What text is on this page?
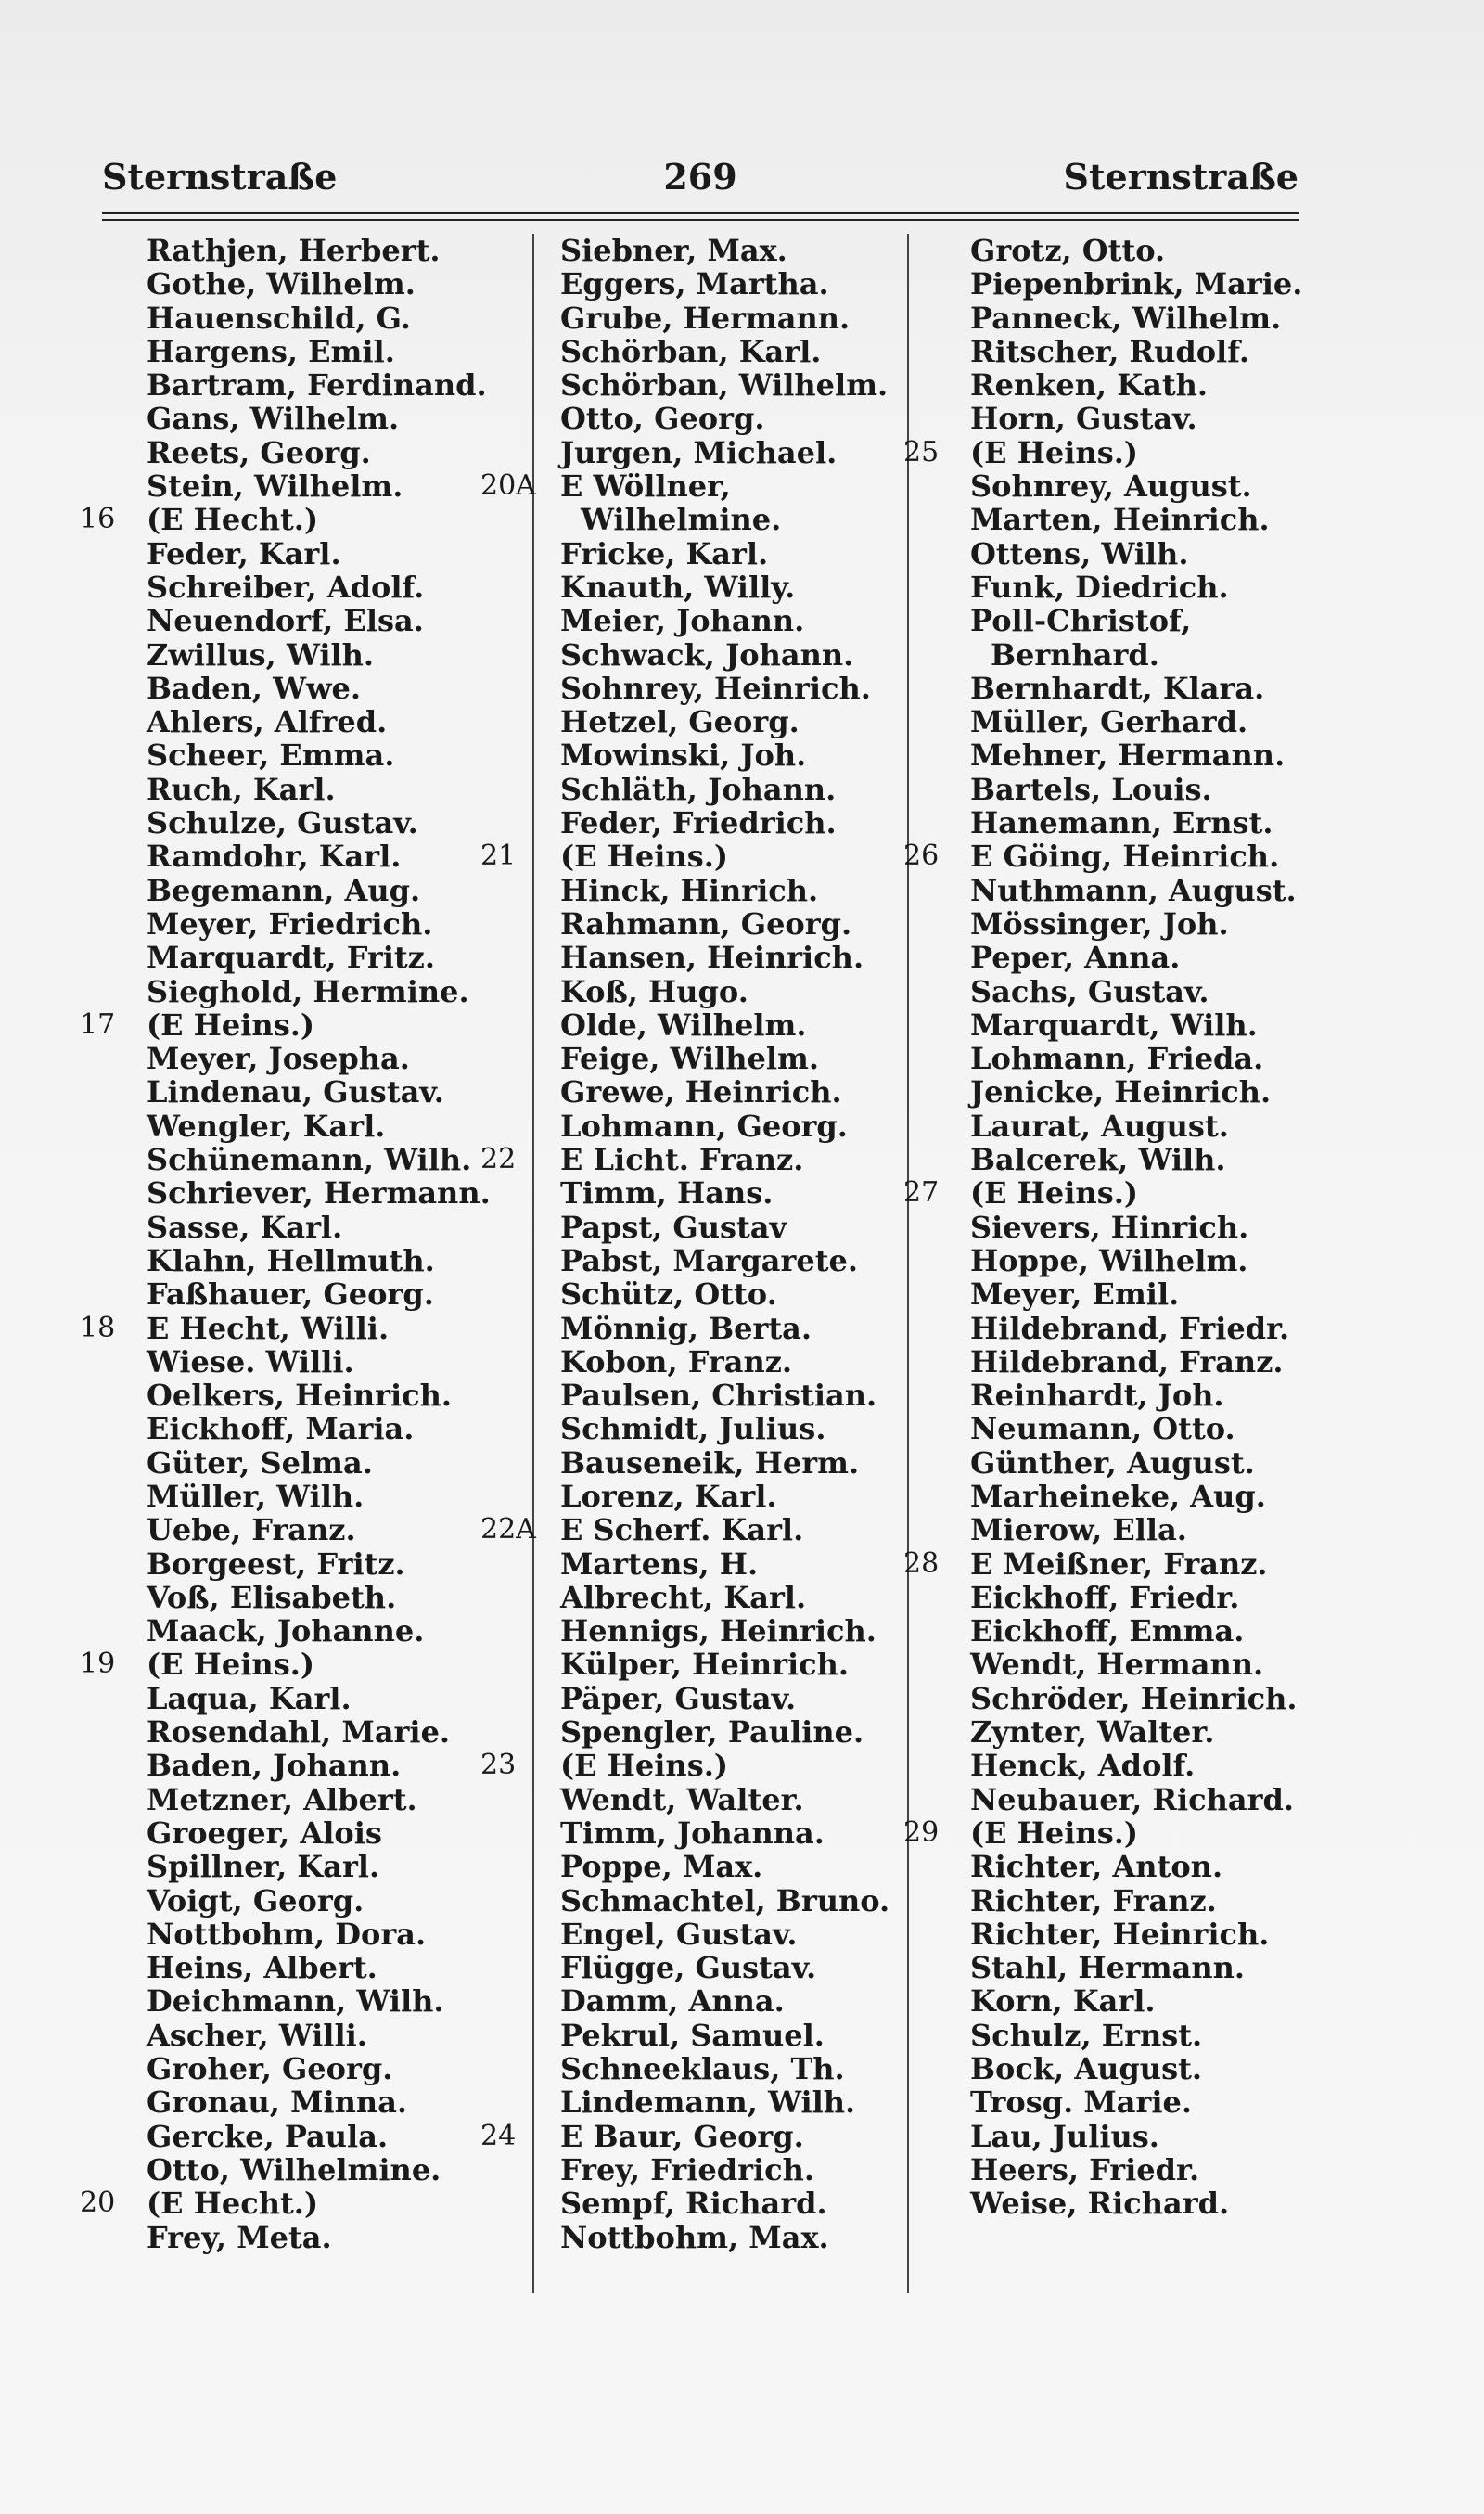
Sternstraße	269	Sternstraße
Rathjen, Herbert.
Gothe, Wilhelm.
Hauenschild, G.
Hargens, Emil.
Bartram, Ferdinand.
Gans, Wilhelm.
Reets, Georg.
Stein, Wilhelm.
16 (E Hecht.)
Feder, Karl.
Schreiber, Adolf.
Neuendorf, Elsa.
Zwillus, Wilh.
Baden, Wwe.
Ahlers, Alfred.
Scheer, Emma.
Ruch, Karl.
Schulze, Gustav.
Ramdohr, Karl.
Begemann, Aug.
Meyer, Friedrich.
Marquardt, Fritz.
Sieghold, Hermine.
17 (E Heins.)
Meyer, Josepha.
Lindenau, Gustav.
Wengler, Karl.
Schünemann, Wilh.
Schriever, Hermann.
Sasse, Karl.
Klahn, Hellmuth.
Faßhauer, Georg.
18 E Hecht, Willi.
Wiese. Willi.
Oelkers, Heinrich.
Eickhoff, Maria.
Güter, Selma.
Müller, Wilh.
Uebe, Franz.
Borgeest, Fritz.
Voß, Elisabeth.
Maack, Johanne.
19 (E Heins.)
Laqua, Karl.
Rosendahl, Marie.
Baden, Johann.
Metzner, Albert.
Groeger, Alois
Spillner, Karl.
Voigt, Georg.
Nottbohm, Dora.
Heins, Albert.
Deichmann, Wilh.
Ascher, Willi.
Groher, Georg.
Gronau, Minna.
Gercke, Paula.
Otto, Wilhelmine.
20 (E Hecht.)
Frey, Meta.
Siebner, Max.
Eggers, Martha.
Grube, Hermann.
Schörban, Karl.
Schörban, Wilhelm.
Otto, Georg.
Jurgen, Michael.
20A E Wöllner,
Wilhelmine.
Fricke, Karl.
Knauth, Willy.
Meier, Johann.
Schwack, Johann.
Sohnrey, Heinrich.
Hetzel, Georg.
Mowinski, Joh.
Schläth, Johann.
Feder, Friedrich.
21 (E Heins.)
Hinck, Hinrich.
Rahmann, Georg.
Hansen, Heinrich.
Koß, Hugo.
Olde, Wilhelm.
Feige, Wilhelm.
Grewe, Heinrich.
Lohmann, Georg.
22 E Licht. Franz.
Timm, Hans.
Papst, Gustav
Pabst, Margarete.
Schütz, Otto.
Mönnig, Berta.
Kobon, Franz.
Paulsen, Christian.
Schmidt, Julius.
Bauseneik, Herm.
Lorenz, Karl.
22A E Scherf. Karl.
Martens, H.
Albrecht, Karl.
Hennigs, Heinrich.
Külper, Heinrich.
Päper, Gustav.
Spengler, Pauline.
23 (E Heins.)
Wendt, Walter.
Timm, Johanna.
Poppe, Max.
Schmachtel, Bruno.
Engel, Gustav.
Flügge, Gustav.
Damm, Anna.
Pekrul, Samuel.
Schneeklaus, Th.
Lindemann, Wilh.
24 E Baur, Georg.
Frey, Friedrich.
Sempf, Richard.
Nottbohm, Max.
Grotz, Otto.
Piepenbrink, Marie.
Panneck, Wilhelm.
Ritscher, Rudolf.
Renken, Kath.
Horn, Gustav.
25 (E Heins.)
Sohnrey, August.
Marten, Heinrich.
Ottens, Wilh.
Funk, Diedrich.
Poll-Christof,
Bernhard.
Bernhardt, Klara.
Müller, Gerhard.
Mehner, Hermann.
Bartels, Louis.
Hanemann, Ernst.
26 E Göing, Heinrich.
Nuthmann, August.
Mössinger, Joh.
Peper, Anna.
Sachs, Gustav.
Marquardt, Wilh.
Lohmann, Frieda.
Jenicke, Heinrich.
Laurat, August.
Balcerek, Wilh.
27 (E Heins.)
Sievers, Hinrich.
Hoppe, Wilhelm.
Meyer, Emil.
Hildebrand, Friedr.
Hildebrand, Franz.
Reinhardt, Joh.
Neumann, Otto.
Günther, August.
Marheineke, Aug.
Mierow, Ella.
28 E Meißner, Franz.
Eickhoff, Friedr.
Eickhoff, Emma.
Wendt, Hermann.
Schröder, Heinrich.
Zynter, Walter.
Henck, Adolf.
Neubauer, Richard.
29 (E Heins.)
Richter, Anton.
Richter, Franz.
Richter, Heinrich.
Stahl, Hermann.
Korn, Karl.
Schulz, Ernst.
Bock, August.
Trosg. Marie.
Lau, Julius.
Heers, Friedr.
Weise, Richard.
